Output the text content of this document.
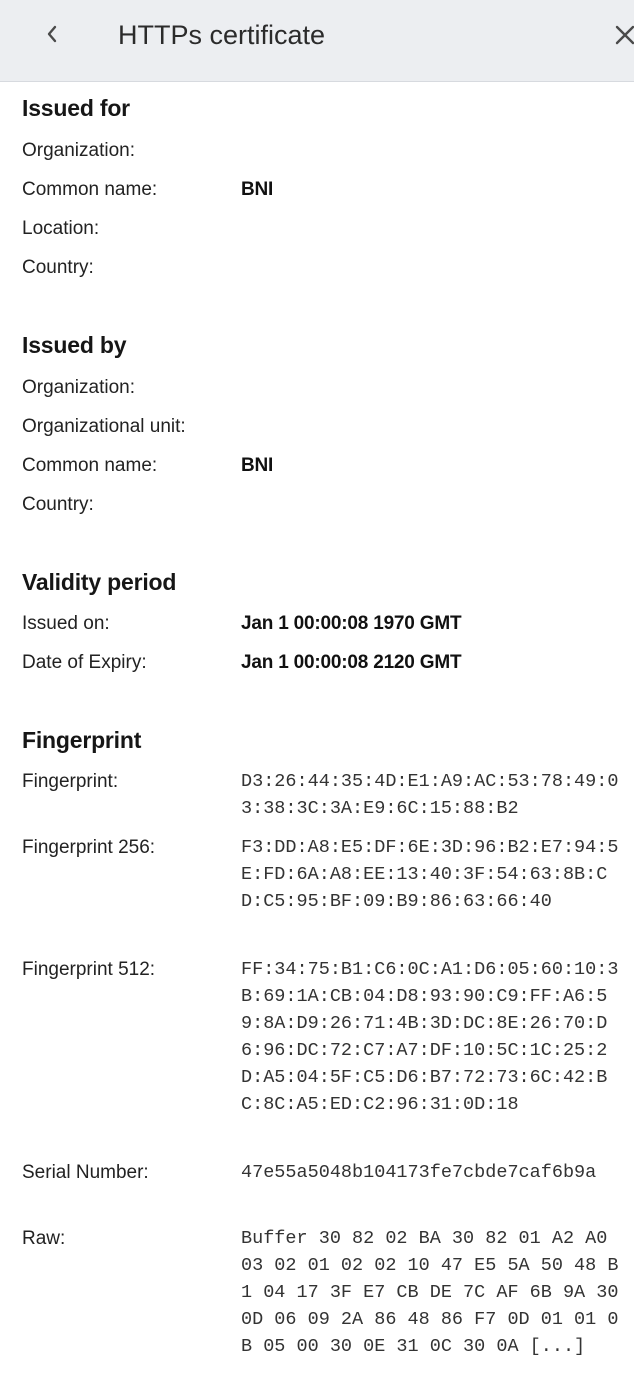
HTTPs certificate
Issued for
Organization:
Common name:	BNI
Location:
Country:
Issued by
Organization:
Organizational unit:
Common name:	BNI
Country:
Validity period
Issued on:	Jan 1 00:00:08 1970 GMT
Date of Expiry:	Jan 1 00:00:08 2120 GMT
Fingerprint
Fingerprint:	D3:26:44:35:4D:E1:A9:AC:53:78:49:03:38:3C:3A:E9:6C:15:88:B2
Fingerprint 256:	F3:DD:A8:E5:DF:6E:3D:96:B2:E7:94:5E:FD:6A:A8:EE:13:40:3F:54:63:8B:CD:C5:95:BF:09:B9:86:63:66:40
Fingerprint 512:	FF:34:75:B1:C6:0C:A1:D6:05:60:10:3B:69:1A:CB:04:D8:93:90:C9:FF:A6:59:8A:D9:26:71:4B:3D:DC:8E:26:70:D6:96:DC:72:C7:A7:DF:10:5C:1C:25:2D:A5:04:5F:C5:D6:B7:72:73:6C:42:BC:8C:A5:ED:C2:96:31:0D:18
Serial Number:	47e55a5048b104173fe7cbde7caf6b9a
Raw:	Buffer 30 82 02 BA 30 82 01 A2 A0 03 02 01 02 02 10 47 E5 5A 50 48 B1 04 17 3F E7 CB DE 7C AF 6B 9A 30 0D 06 09 2A 86 48 86 F7 0D 01 01 0B 05 00 30 0E 31 0C 30 0A [...]
